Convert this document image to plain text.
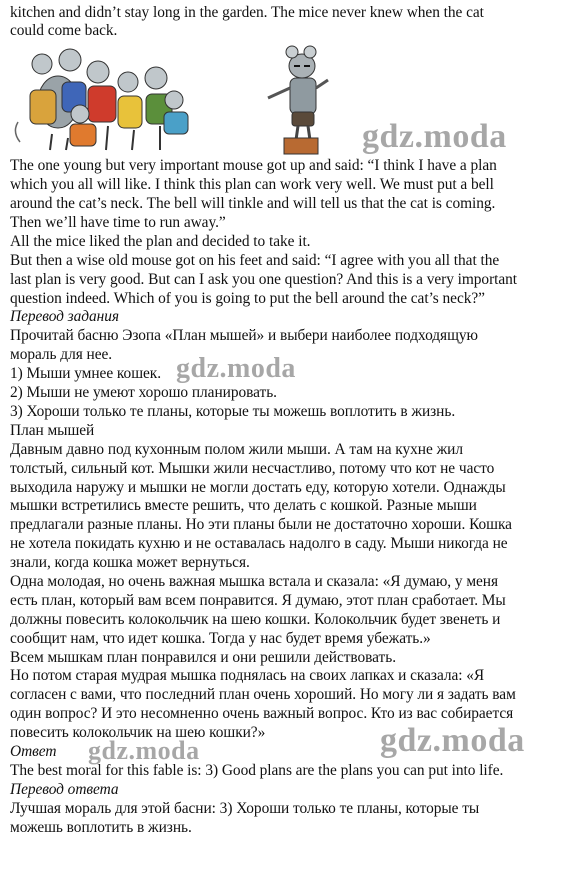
kitchen and didn’t stay long in the garden. The mice never knew when the cat
could come back.
gdz.moda
The one young but very important mouse got up and said: “I think I have a plan
which you all will like. I think this plan can work very well. We must put a bell
around the cat’s neck. The bell will tinkle and will tell us that the cat is coming.
Then we’ll have time to run away.”
All the mice liked the plan and decided to take it.
But then a wise old mouse got on his feet and said: “I agree with you all that the
last plan is very good. But can I ask you one question? And this is a very important
question indeed. Which of you is going to put the bell around the cat’s neck?”
Перевод задания
Прочитай басню Эзопа «План мышей» и выбери наиболее подходящую
мораль для нее.
1) Мыши умнее кошек. gdz.moda
2) Мыши не умеют хорошо планировать.
3) Хороши только те планы, которые ты можешь воплотить в жизнь.
План мышей
Давным давно под кухонным полом жили мыши. А там на кухне жил
толстый, сильный кот. Мышки жили несчастливо, потому что кот не часто
выходила наружу и мышки не могли достать еду, которую хотели. Однажды
мышки встретились вместе решить, что делать с кошкой. Разные мыши
предлагали разные планы. Но эти планы были не достаточно хороши. Кошка
не хотела покидать кухню и не оставалась надолго в саду. Мыши никогда не
знали, когда кошка может вернуться.
Одна молодая, но очень важная мышка встала и сказала: «Я думаю, у меня
есть план, который вам всем понравится. Я думаю, этот план сработает. Мы
должны повесить колокольчик на шею кошки. Колокольчик будет звенеть и
сообщит нам, что идет кошка. Тогда у нас будет время убежать.»
Всем мышкам план понравился и они решили действовать.
Но потом старая мудрая мышка поднялась на своих лапках и сказала: «Я
согласен с вами, что последний план очень хороший. Но могу ли я задать вам
один вопрос? И это несомненно очень важный вопрос. Кто из вас собирается
повесить колокольчик на шею кошки?»	gdz.moda
Ответ gdz.moda
The best moral for this fable is: 3) Good plans are the plans you can put into life.
Перевод ответа
Лучшая мораль для этой басни: 3) Хороши только те планы, которые ты
можешь воплотить в жизнь.
